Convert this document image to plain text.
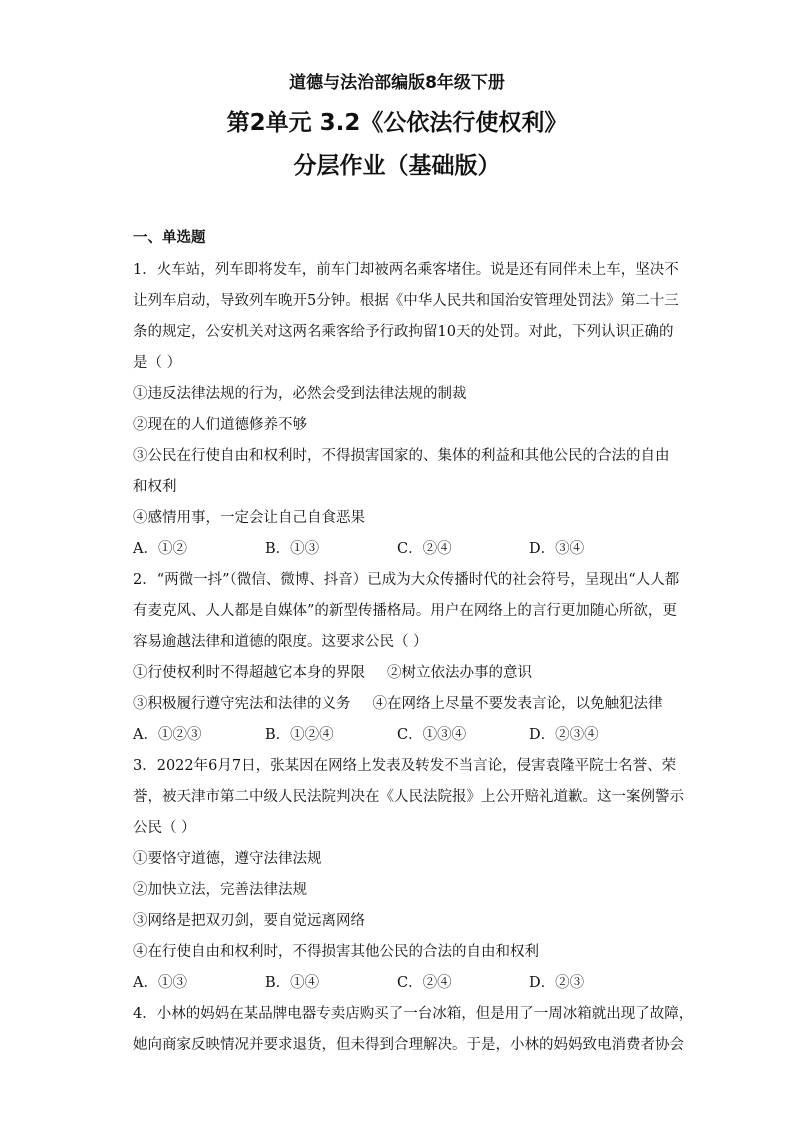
道德与法治部编版8年级下册
第2单元 3.2《公依法行使权利》
分层作业（基础版）
一、单选题
1．火车站，列车即将发车，前车门却被两名乘客堵住。说是还有同伴未上车，坚决不
让列车启动，导致列车晚开5分钟。根据《中华人民共和国治安管理处罚法》第二十三
条的规定，公安机关对这两名乘客给予行政拘留10天的处罚。对此，下列认识正确的
是（ ）
①违反法律法规的行为，必然会受到法律法规的制裁
②现在的人们道德修养不够
③公民在行使自由和权利时，不得损害国家的、集体的利益和其他公民的合法的自由
和权利
④感情用事，一定会让自己自食恶果
A．①②	B．①③	C．②④	D．③④
2．“两微一抖”（微信、微博、抖音）已成为大众传播时代的社会符号，呈现出“人人都
有麦克风、人人都是自媒体”的新型传播格局。用户在网络上的言行更加随心所欲，更
容易逾越法律和道德的限度。这要求公民（ ）
①行使权利时不得超越它本身的界限 ②树立依法办事的意识
③积极履行遵守宪法和法律的义务 ④在网络上尽量不要发表言论，以免触犯法律
A．①②③	B．①②④	C．①③④	D．②③④
3．2022年6月7日，张某因在网络上发表及转发不当言论，侵害袁隆平院士名誉、荣
誉，被天津市第二中级人民法院判决在《人民法院报》上公开赔礼道歉。这一案例警示
公民（ ）
①要恪守道德，遵守法律法规
②加快立法，完善法律法规
③网络是把双刃剑，要自觉远离网络
④在行使自由和权利时，不得损害其他公民的合法的自由和权利
A．①③	B．①④	C．②④	D．②③
4．小林的妈妈在某品牌电器专卖店购买了一台冰箱，但是用了一周冰箱就出现了故障，
她向商家反映情况并要求退货，但未得到合理解决。于是，小林的妈妈致电消费者协会
